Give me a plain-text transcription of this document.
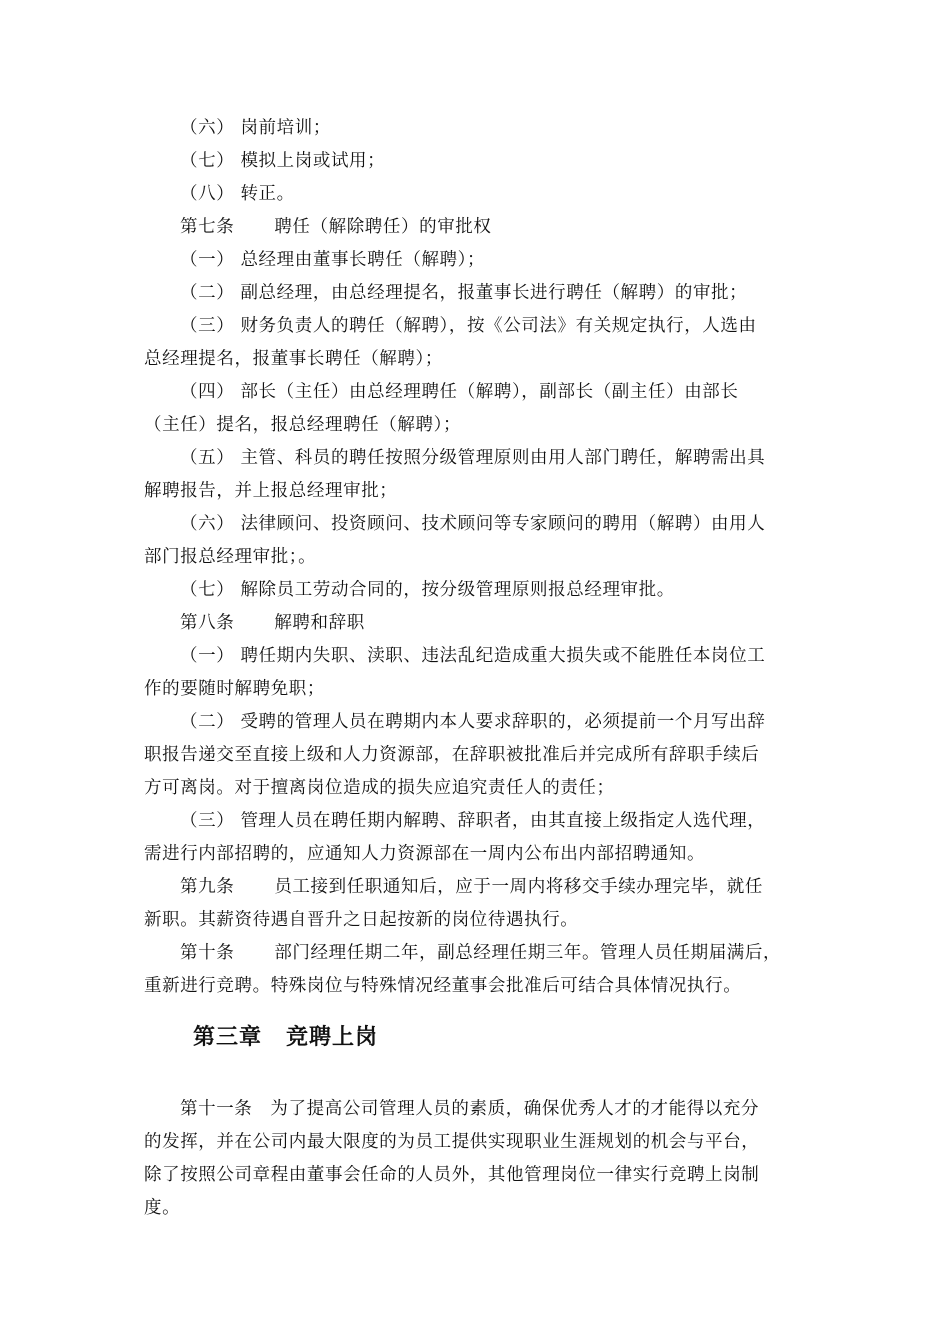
（六） 岗前培训；
（七） 模拟上岗或试用；
（八） 转正。
第七条 聘任（解除聘任）的审批权
（一） 总经理由董事长聘任（解聘）；
（二） 副总经理，由总经理提名，报董事长进行聘任（解聘）的审批；
（三） 财务负责人的聘任（解聘），按《公司法》有关规定执行，人选由
总经理提名，报董事长聘任（解聘）；
（四） 部长（主任）由总经理聘任（解聘），副部长（副主任）由部长
（主任）提名，报总经理聘任（解聘）；
（五） 主管、科员的聘任按照分级管理原则由用人部门聘任，解聘需出具
解聘报告，并上报总经理审批；
（六） 法律顾问、投资顾问、技术顾问等专家顾问的聘用（解聘）由用人
部门报总经理审批；。
（七） 解除员工劳动合同的，按分级管理原则报总经理审批。
第八条 解聘和辞职
（一） 聘任期内失职、渎职、违法乱纪造成重大损失或不能胜任本岗位工
作的要随时解聘免职；
（二） 受聘的管理人员在聘期内本人要求辞职的，必须提前一个月写出辞
职报告递交至直接上级和人力资源部，在辞职被批准后并完成所有辞职手续后
方可离岗。对于擅离岗位造成的损失应追究责任人的责任；
（三） 管理人员在聘任期内解聘、辞职者，由其直接上级指定人选代理，
需进行内部招聘的，应通知人力资源部在一周内公布出内部招聘通知。
第九条 员工接到任职通知后，应于一周内将移交手续办理完毕，就任
新职。其薪资待遇自晋升之日起按新的岗位待遇执行。
第十条 部门经理任期二年，副总经理任期三年。管理人员任期届满后，
重新进行竞聘。特殊岗位与特殊情况经董事会批准后可结合具体情况执行。
第三章 竞聘上岗
第十一条 为了提高公司管理人员的素质，确保优秀人才的才能得以充分
的发挥，并在公司内最大限度的为员工提供实现职业生涯规划的机会与平台，
除了按照公司章程由董事会任命的人员外，其他管理岗位一律实行竞聘上岗制
度。
